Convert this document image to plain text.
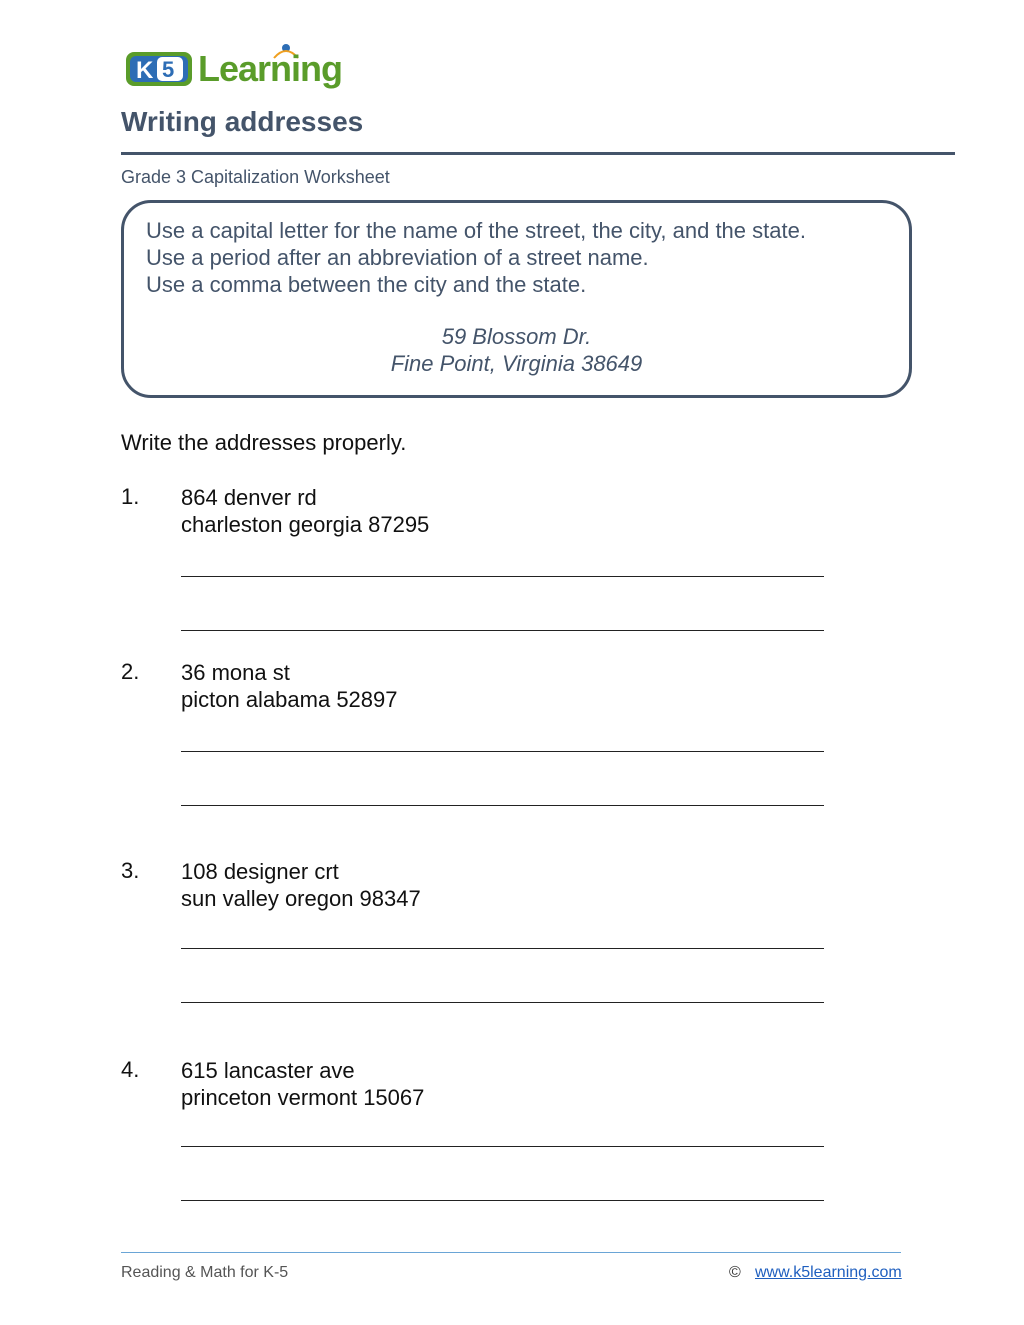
K 5 Learning
Writing addresses
Grade 3 Capitalization Worksheet
Use a capital letter for the name of the street, the city, and the state.
Use a period after an abbreviation of a street name.
Use a comma between the city and the state.
59 Blossom Dr.
Fine Point, Virginia 38649
Write the addresses properly.
1. 864 denver rd
charleston georgia 87295
2. 36 mona st
picton alabama 52897
3. 108 designer crt
sun valley oregon 98347
4. 615 lancaster ave
princeton vermont 15067
Reading & Math for K-5	© www.k5learning.com
